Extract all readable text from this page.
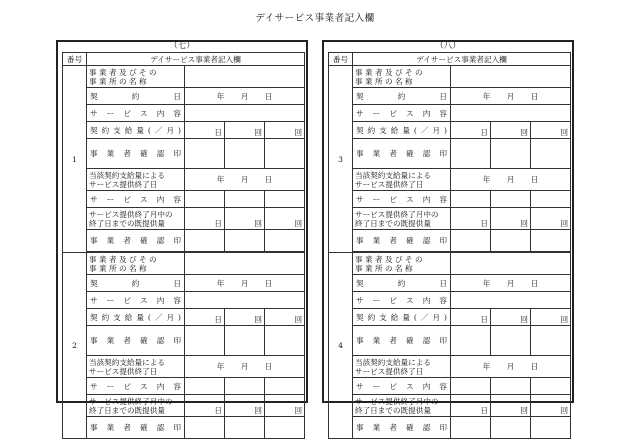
デイサービス事業者記入欄
（七）
番号	デイサービス事業者記入欄			
1	事 業 者 及 び そ の
事 業 所 の 名 称			
	契約日	年 月 日		
	サービス内容			
	契約支給量(／月)	日	回	回
	事業者確認印			
	当該契約支給量による
サービス提供終了日	年 月 日		
	サービス内容			
	サービス提供終了月中の
終了日までの既提供量	日	回	回
	事業者確認印			

2	事 業 者 及 び そ の
事 業 所 の 名 称			
	契約日	年 月 日		
	サービス内容			
	契約支給量(／月)	日	回	回
	事業者確認印			
	当該契約支給量による
サービス提供終了日	年 月 日		
	サービス内容			
	サービス提供終了月中の
終了日までの既提供量	日	回	回
	事業者確認印			
（八）
番号	デイサービス事業者記入欄			
3	事 業 者 及 び そ の
事 業 所 の 名 称			
	契約日	年 月 日		
	サービス内容			
	契約支給量(／月)	日	回	回
	事業者確認印			
	当該契約支給量による
サービス提供終了日	年 月 日		
	サービス内容			
	サービス提供終了月中の
終了日までの既提供量	日	回	回
	事業者確認印			

4	事 業 者 及 び そ の
事 業 所 の 名 称			
	契約日	年 月 日		
	サービス内容			
	契約支給量(／月)	日	回	回
	事業者確認印			
	当該契約支給量による
サービス提供終了日	年 月 日		
	サービス内容			
	サービス提供終了月中の
終了日までの既提供量	日	回	回
	事業者確認印			
